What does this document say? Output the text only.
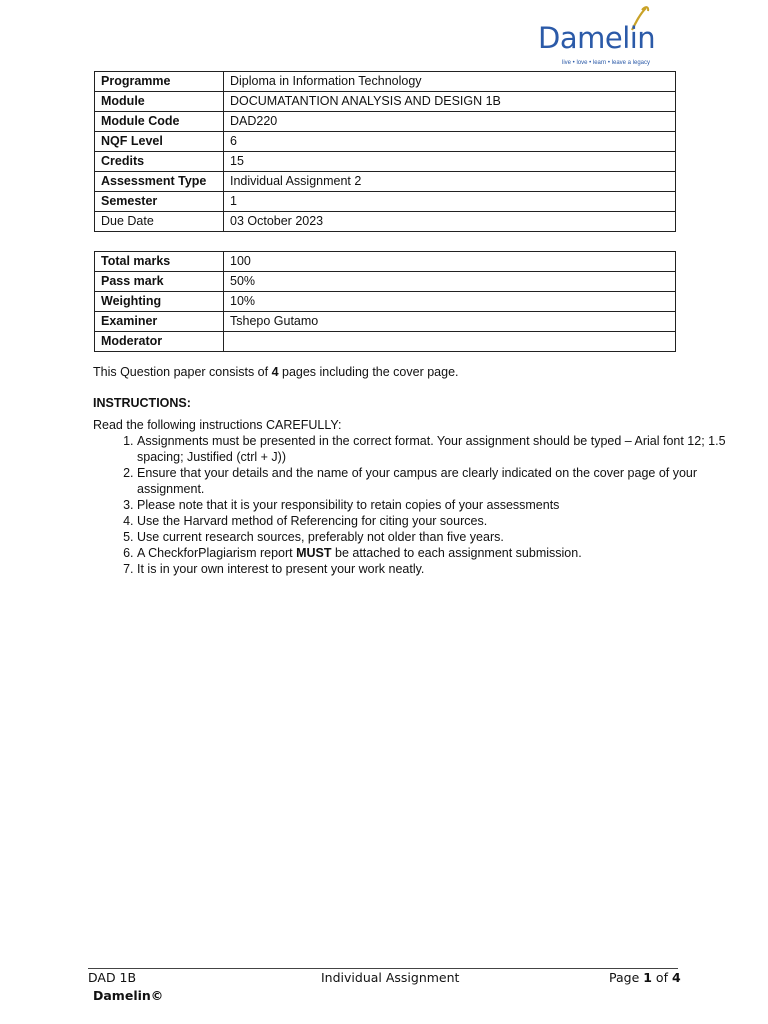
Damelin
live • love • learn • leave a legacy
Programme	Diploma in Information Technology
Module	DOCUMATANTION ANALYSIS AND DESIGN 1B
Module Code	DAD220
NQF Level	6
Credits	15
Assessment Type	Individual Assignment 2
Semester	1
Due Date	03 October 2023
Total marks	100
Pass mark	50%
Weighting	10%
Examiner	Tshepo Gutamo
Moderator	
This Question paper consists of 4 pages including the cover page.
INSTRUCTIONS:
Read the following instructions CAREFULLY:
1. Assignments must be presented in the correct format. Your assignment should be typed – Arial font 12; 1.5 spacing; Justified (ctrl + J))
2. Ensure that your details and the name of your campus are clearly indicated on the cover page of your assignment.
3. Please note that it is your responsibility to retain copies of your assessments
4. Use the Harvard method of Referencing for citing your sources.
5. Use current research sources, preferably not older than five years.
6. A CheckforPlagiarism report MUST be attached to each assignment submission.
7. It is in your own interest to present your work neatly.
DAD 1B	Individual Assignment	Page 1 of 4
Damelin©
